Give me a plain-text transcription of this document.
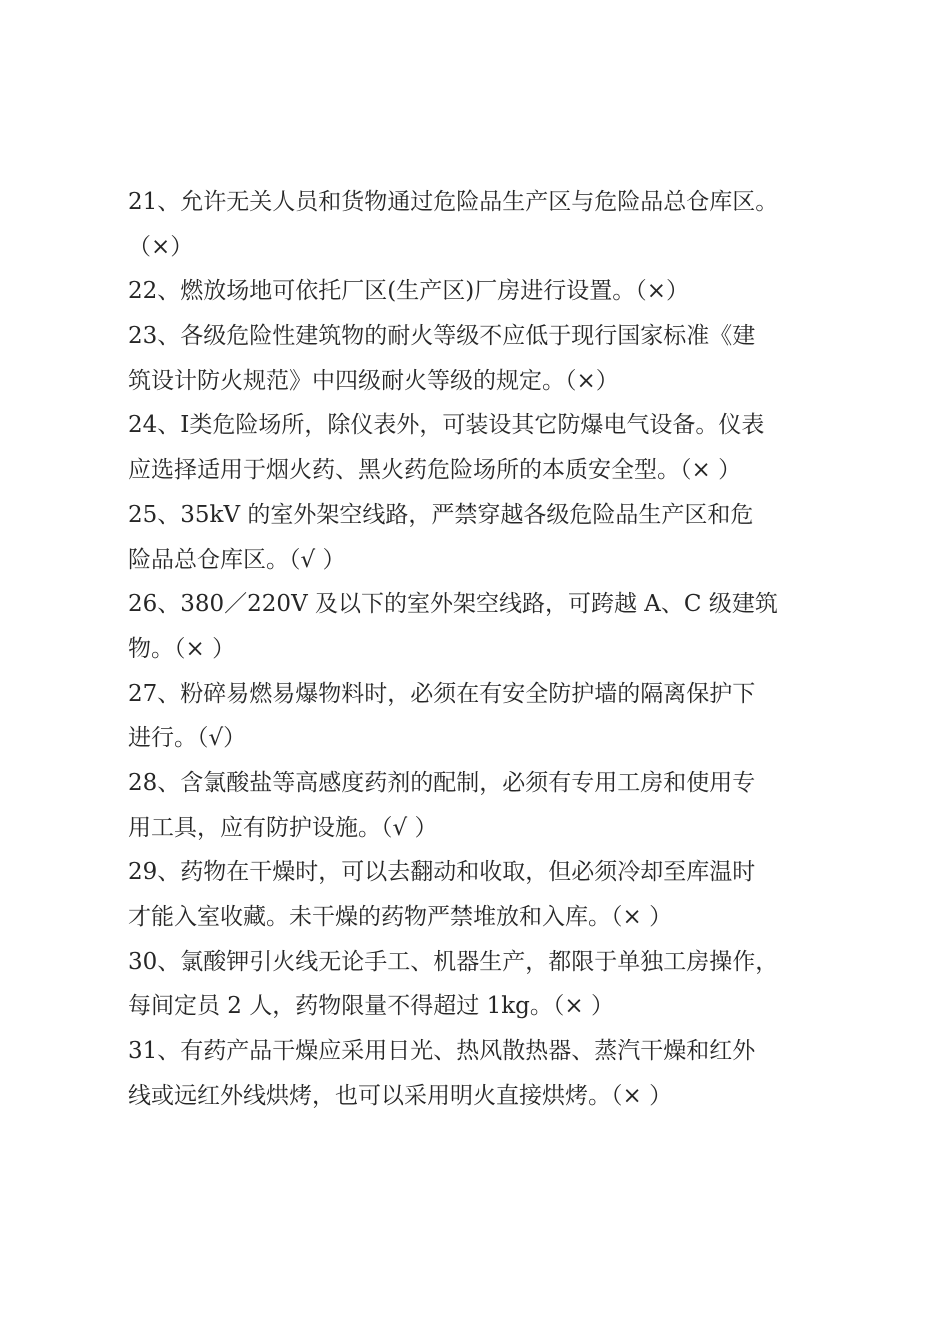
21、允许无关人员和货物通过危险品生产区与危险品总仓库区。
（×）
22、燃放场地可依托厂区(生产区)厂房进行设置。（×）
23、各级危险性建筑物的耐火等级不应低于现行国家标准《建
筑设计防火规范》中四级耐火等级的规定。（×）
24、Ⅰ类危险场所，除仪表外，可装设其它防爆电气设备。仪表
应选择适用于烟火药、黑火药危险场所的本质安全型。（× ）
25、35kV 的室外架空线路，严禁穿越各级危险品生产区和危
险品总仓库区。（√ ）
26、380／220V 及以下的室外架空线路，可跨越 A、C 级建筑
物。（× ）
27、粉碎易燃易爆物料时，必须在有安全防护墙的隔离保护下
进行。（√）
28、含氯酸盐等高感度药剂的配制，必须有专用工房和使用专
用工具，应有防护设施。（√ ）
29、药物在干燥时，可以去翻动和收取，但必须冷却至库温时
才能入室收藏。未干燥的药物严禁堆放和入库。（× ）
30、氯酸钾引火线无论手工、机器生产，都限于单独工房操作，
每间定员 2 人，药物限量不得超过 1kg。（× ）
31、有药产品干燥应采用日光、热风散热器、蒸汽干燥和红外
线或远红外线烘烤，也可以采用明火直接烘烤。（× ）
